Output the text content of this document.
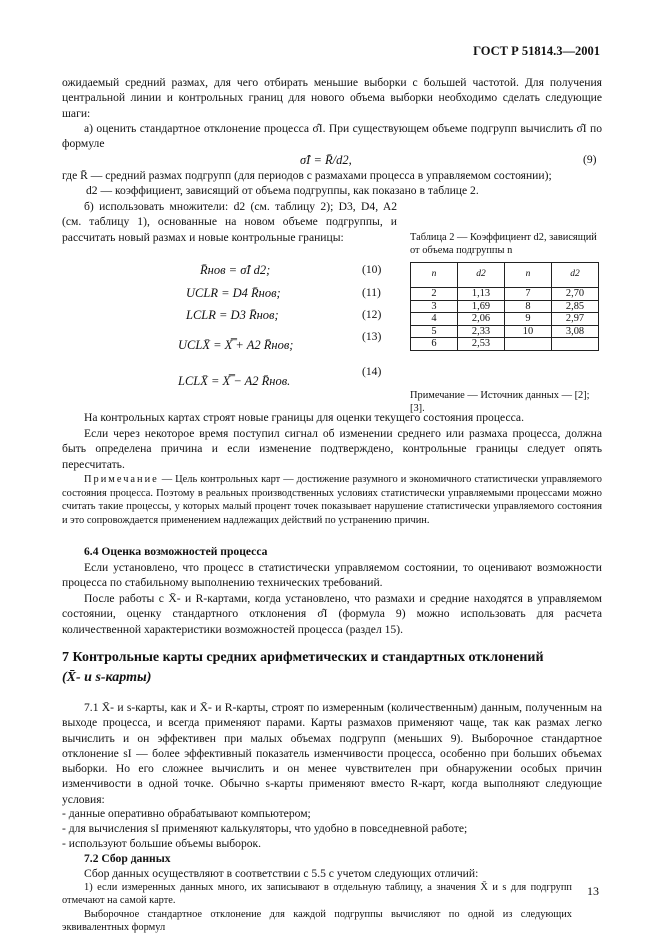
ГОСТ Р 51814.3—2001
ожидаемый средний размах, для чего отбирать меньшие выборки с большей частотой. Для получения центральной линии и контрольных границ для нового объема выборки необходимо сделать следующие шаги:
а) оценить стандартное отклонение процесса σ̂I. При существующем объеме подгрупп вычислить σ̂I по формуле
σ̂I = R̄/d2,	(9)
где R̄ — средний размах подгрупп (для периодов с размахами процесса в управляемом состоянии);
d2 — коэффициент, зависящий от объема подгруппы, как показано в таблице 2.
б) использовать множители: d2 (см. таблицу 2); D3, D4, A2 (см. таблицу 1), основанные на новом объеме подгруппы, и рассчитать новый размах и новые контрольные границы:
R̄нов = σ̂I d2;	(10)
UCLR = D4 R̄нов;	(11)
LCLR = D3 R̄нов;	(12)
UCLX̄ = X̿ + A2 R̄нов;
(13)
LCLX̄ = X̿ − A2 R̄нов.
(14)
Таблица 2 — Коэффициент d2, зависящий от объема подгруппы n
n	d2	n	d2
2	1,13	7	2,70
3	1,69	8	2,85
4	2,06	9	2,97
5	2,33	10	3,08
6	2,53		
Примечание — Источник данных — [2]; [3].
На контрольных картах строят новые границы для оценки текущего состояния процесса.
Если через некоторое время поступил сигнал об изменении среднего или размаха процесса, должна быть определена причина и если изменение подтверждено, контрольные границы следует опять пересчитать.
Примечание — Цель контрольных карт — достижение разумного и экономичного статистически управляемого состояния процесса. Поэтому в реальных производственных условиях статистически управляемыми процессами можно считать такие процессы, у которых малый процент точек показывает нарушение статистически управляемого состояния и это сопровождается применением надлежащих действий по устранению причин.
6.4 Оценка возможностей процесса
Если установлено, что процесс в статистически управляемом состоянии, то оценивают возможности процесса по стабильному выполнению технических требований.
После работы с X̄- и R-картами, когда установлено, что размахи и средние находятся в управляемом состоянии, оценку стандартного отклонения σ̂I (формула 9) можно использовать для расчета количественной характеристики возможностей процесса (раздел 15).
7 Контрольные карты средних арифметических и стандартных отклонений
(X̄- и s-карты)
7.1 X̄- и s-карты, как и X̄- и R-карты, строят по измеренным (количественным) данным, полученным на выходе процесса, и всегда применяют парами. Карты размахов применяют чаще, так как размах легко вычислить и он эффективен при малых объемах подгрупп (меньших 9). Выборочное стандартное отклонение sI — более эффективный показатель изменчивости процесса, особенно при больших объемах выборки. Но его сложнее вычислить и он менее чувствителен при обнаружении особых причин изменчивости в одной точке. Обычно s-карты применяют вместо R-карт, когда выполняют следующие условия:
- данные оперативно обрабатывают компьютером;
- для вычисления sI применяют калькуляторы, что удобно в повседневной работе;
- используют большие объемы выборок.
7.2 Сбор данных
Сбор данных осуществляют в соответствии с 5.5 с учетом следующих отличий:
1) если измеренных данных много, их записывают в отдельную таблицу, а значения X̄ и s для подгрупп отмечают на самой карте.
Выборочное стандартное отклонение для каждой подгруппы вычисляют по одной из следующих эквивалентных формул
13
